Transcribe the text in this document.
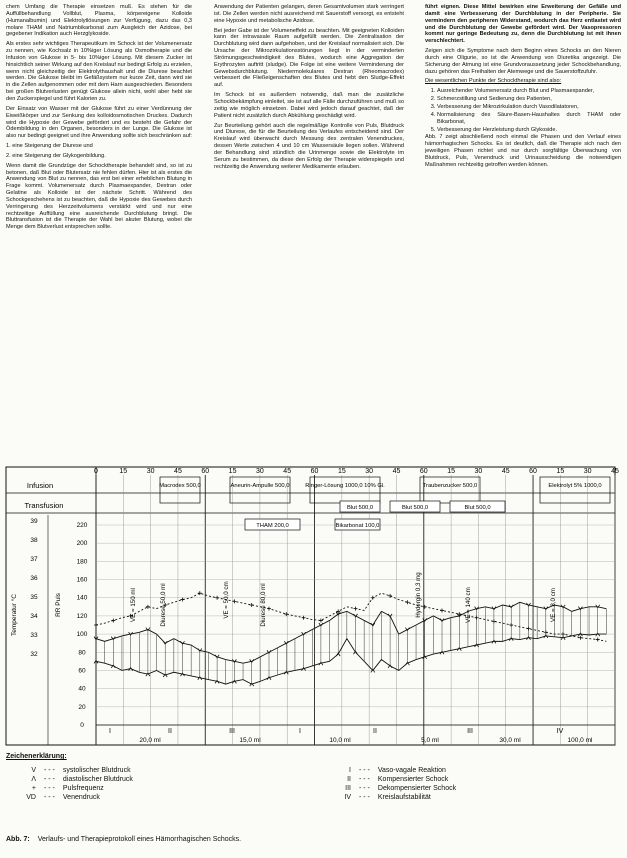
chem Umfang die Therapie einsetzen muß. Es stehen für die Auffüllbehandlung Vollblut, Plasma, körpereigene Kolloide (Humanalbumin) und Elektrolytlösungen zur Verfügung, dazu das 0,3 molare THAM und Natriumbikarbonat zum Ausgleich der Azidose, bei gegebener Indikation auch Herzglykoside.

Als erstes sehr wichtiges Therapeutikum im Schock ist der Volumenersatz zu nennen, wie Kochsalz in 10%iger Lösung als Osmotherapie und die Infusion von Glukose in 5- bis 10%iger Lösung. Mit diesem Zucker ist hinsichtlich seiner Wirkung auf den Kreislauf nur bedingt Erfolg zu erzielen, wenn nicht gleichzeitig der Elektrolythaushalt und die Diurese beachtet werden. Die Glukose bleibt im Gefäßsystem nur kurze Zeit, dann wird sie in die Zellen aufgenommen oder mit dem Harn ausgeschieden. Besonders bei großen Blutverlusten genügt Glukose allein nicht, wohl aber hebt sie den Zuckerspiegel und führt Kalorien zu.

Der Einsatz von Wasser mit der Glukose führt zu einer Verdünnung der Eiweißkörper und zur Senkung des kolloidosmotischen Druckes. Dadurch wird die Hypoxie der Gewebe gefördert und es besteht die Gefahr der Ödembildung in den Organen, besonders in der Lunge. Die Glukose ist also nur bedingt geeignet und ihre Anwendung sollte sich beschränken auf:

1. eine Steigerung der Diurese und

2. eine Steigerung der Glykogenbildung.

Wenn damit die Grundzüge der Schocktherapie behandelt sind, so ist zu betonen, daß Blut oder Blutersatz nie fehlen dürfen. Hier ist als erstes die Anwendung von Blut zu nennen, das erst bei einer erheblichen Blutung in Frage kommt. Volumenersatz durch Plasmaexpander, Dextran oder Gelatine als Kolloide ist der nächste Schritt. Während des Schockgeschehens ist zu beachten, daß die Hypoxie des Gewebes durch Verringerung des Herzzeitvolumens verstärkt wird und nur eine rechtzeitige Auffüllung eine ausreichende Durchblutung bringt. Die Bluttransfusion ist die Therapie der Wahl bei akuter Blutung, wobei die Menge dem Blutverlust entsprechen sollte.

Anwendung der Patienten gelangen, deren Gesamtvolumen stark verringert ist. Die Zellen werden nicht ausreichend mit Sauerstoff versorgt, es entsteht eine Hypoxie und metabolische Azidose.

Bei jeder Gabe ist der Volumeneffekt zu beachten. Mit geeigneten Kolloiden kann der intravasale Raum aufgefüllt werden. Die Zentralisation der Durchblutung wird dann aufgehoben, und der Kreislauf normalisiert sich. Die Ursache der Mikrozirkulationsstörungen liegt in der verminderten Strömungsgeschwindigkeit des Blutes, wodurch eine Aggregation der Erythrozyten auftritt (sludge). Die Folge ist eine weitere Verminderung der Gewebsdurchblutung. Niedermolekulares Dextran (Rheomacrodex) verbessert die Fließeigenschaften des Blutes und hebt den Sludge-Effekt auf.

Im Schock ist es außerdem notwendig, daß man die zusätzliche Schockbekämpfung einleitet, sie ist auf alle Fälle durchzuführen und muß so zeitig wie möglich einsetzen. Dabei wird jedoch darauf geachtet, daß der Patient nicht zusätzlich durch Abkühlung geschädigt wird.

Zur Beurteilung gehört auch die regelmäßige Kontrolle von Puls, Blutdruck und Diurese, die für die Beurteilung des Verlaufes entscheidend sind. Der Kreislauf wird überwacht durch Messung des zentralen Venendruckes, dessen Werte zwischen 4 und 10 cm Wassersäule liegen sollen. Während der Behandlung sind stündlich die Urinmenge sowie die Elektrolyte im Serum zu bestimmen, da diese den Erfolg der Therapie widerspiegeln und rechtzeitig die Anwendung weiterer Medikamente erlauben.

führt eignen. Diese Mittel bewirken eine Erweiterung der Gefäße und damit eine Verbesserung der Durchblutung in der Peripherie. Sie vermindern den peripheren Widerstand, wodurch das Herz entlastet wird und die Durchblutung der Gewebe gefördert wird. Der Vasopressoren kommt nur geringe Bedeutung zu, denn die Durchblutung ist mit ihnen verschlechtert.

Zeigen sich die Symptome nach dem Beginn eines Schocks an den Nieren durch eine Oligurie, so ist die Anwendung von Diuretika angezeigt. Die Sicherung der Atmung ist eine Grundvoraussetzung jeder Schockbehandlung, dazu gehören das Freihalten der Atemwege und die Sauerstoffzufuhr.

Die wesentlichen Punkte der Schocktherapie sind also:

1. Ausreichender Volumenersatz durch Blut und Plasmaexpander,
2. Schmerzstillung und Sedierung des Patienten,
3. Verbesserung der Mikrozirkulation durch Vasodilatatoren,
4. Normalisierung des Säure-Basen-Haushaltes durch THAM oder Bikarbonat,
5. Verbesserung der Herzleistung durch Glykoside.

Abb. 7 zeigt abschließend noch einmal die Phasen und den Verlauf eines hämorrhagischen Schocks. Es ist deutlich, daß die Therapie sich nach den jeweiligen Phasen richtet und nur durch sorgfältige Überwachung von Blutdruck, Puls, Venendruck und Urinausscheidung die notwendigen Maßnahmen rechtzeitig getroffen werden können.

0	15	30	45	60	15	30	45	60	15	30	45	60	15	30	45	60	15	30	45
Infusion
Transfusion
Temperatur °C	RR Puls
39
38
37
36
35
34
33
32
220
200
180
160
140
120
100
80
60
40
20
0
Macrodex 500,0	Aneurin-Ampulle 500,0	Ringer-Lösung 1000,0 10% Gl.	Traubenzucker 500,0	Elektrolyt 5% 1000,0
Blut 500,0	Blut 500,0
THAM 200,0
Blut 500,0
Bikarbonat 100,0
VE = 150 ml	Diurese 50,0 ml	VE = 50,0 cm	Diurese 80,0 ml	Hydergin 0,3 mg	VE = 140 cm	VE = 8,0 cm
I	II	III	I	II	III	IV
20,0 ml	15,0 ml	10,0 ml	5,0 ml	30,0 ml	100,0 ml
Zeichenerklärung:
V - - - systolischer Blutdruck
Λ - - - diastolischer Blutdruck
+ - - - Pulsfrequenz
VD - - - Venendruck
I - - - Vaso-vagale Reaktion
II - - - Kompensierter Schock
III - - - Dekompensierter Schock
IV - - - Kreislaufstabilität
Abb. 7: Verlaufs- und Therapieprotokoll eines Hämorrhagischen Schocks.
